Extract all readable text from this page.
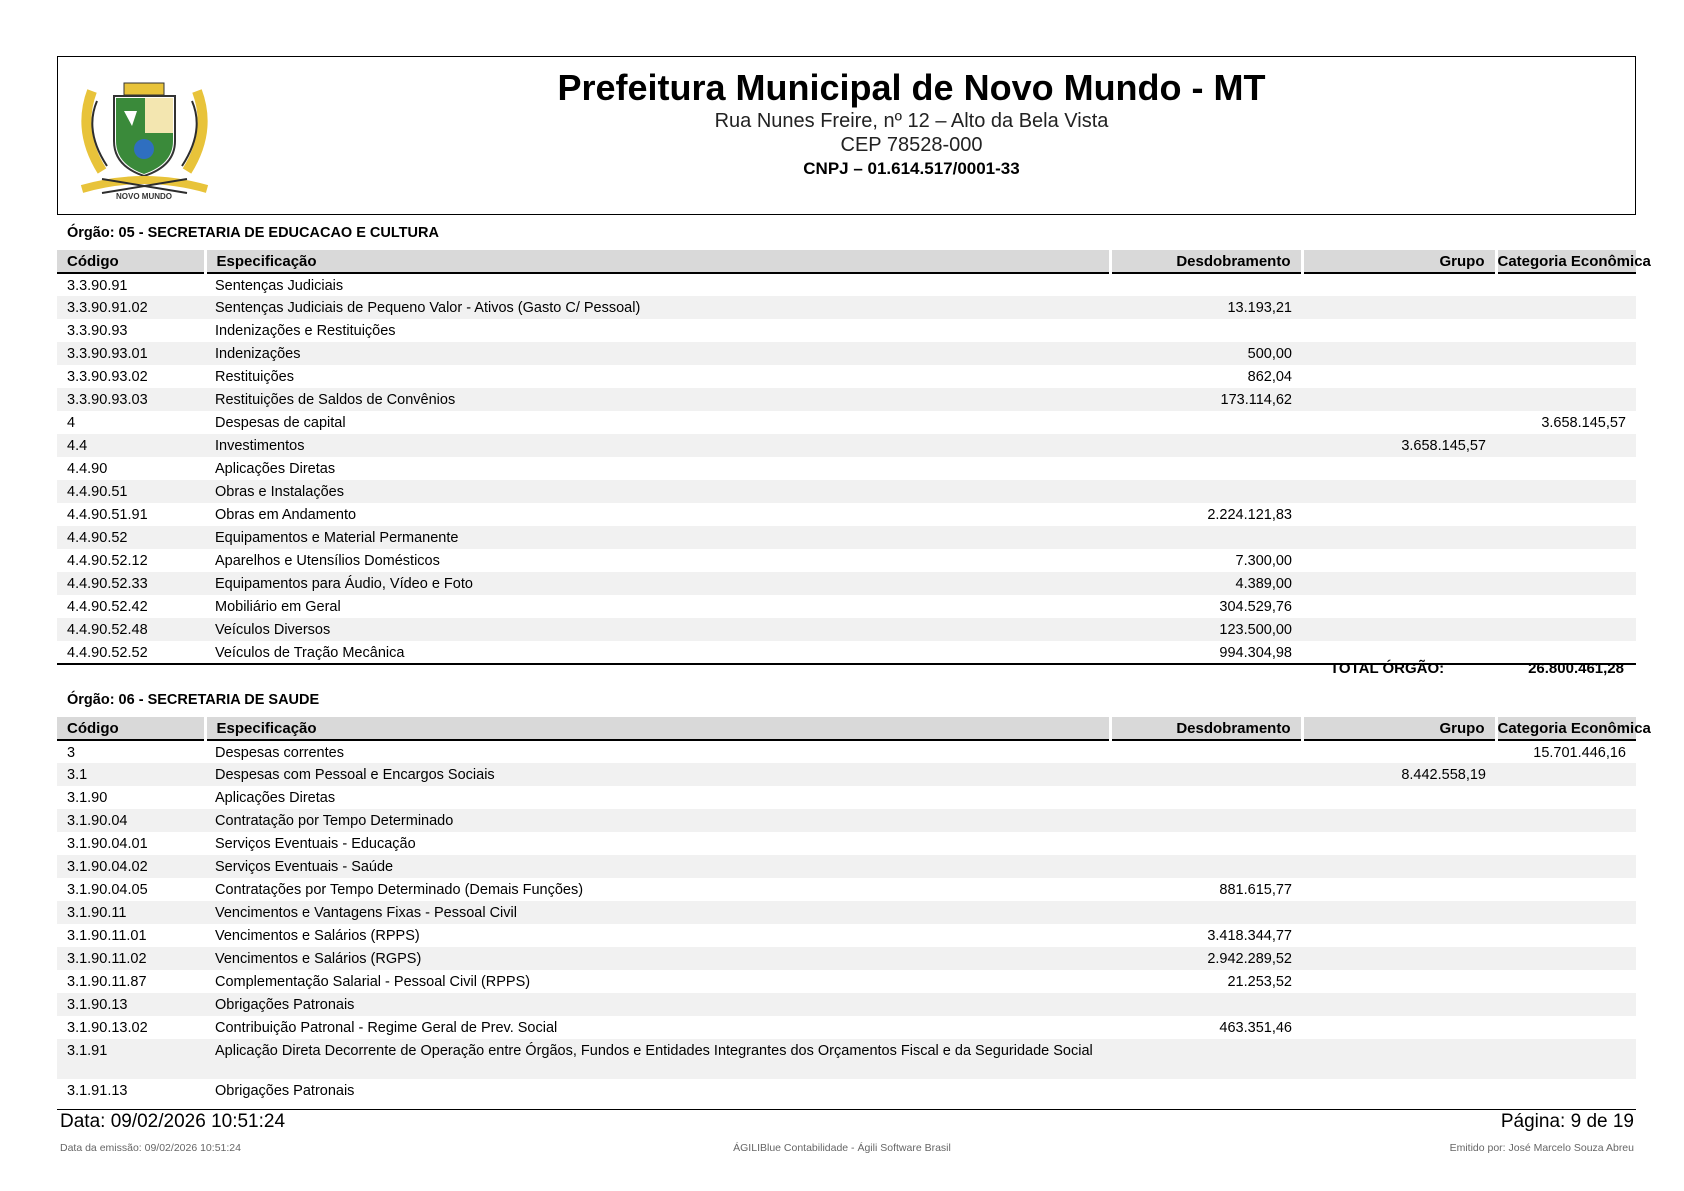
NOVO MUNDO
Prefeitura Municipal de Novo Mundo - MT
Rua Nunes Freire, nº 12 – Alto da Bela Vista
CEP 78528-000
CNPJ – 01.614.517/0001-33
Órgão: 05 - SECRETARIA DE EDUCACAO E CULTURA
Código	Especificação	Desdobramento	Grupo	Categoria Econômica
3.3.90.91	Sentenças Judiciais			
3.3.90.91.02	Sentenças Judiciais de Pequeno Valor - Ativos (Gasto C/ Pessoal)	13.193,21		
3.3.90.93	Indenizações e Restituições			
3.3.90.93.01	Indenizações	500,00		
3.3.90.93.02	Restituições	862,04		
3.3.90.93.03	Restituições de Saldos de Convênios	173.114,62		
4	Despesas de capital			3.658.145,57
4.4	Investimentos		3.658.145,57	
4.4.90	Aplicações Diretas			
4.4.90.51	Obras e Instalações			
4.4.90.51.91	Obras em Andamento	2.224.121,83		
4.4.90.52	Equipamentos e Material Permanente			
4.4.90.52.12	Aparelhos e Utensílios Domésticos	7.300,00		
4.4.90.52.33	Equipamentos para Áudio, Vídeo e Foto	4.389,00		
4.4.90.52.42	Mobiliário em Geral	304.529,76		
4.4.90.52.48	Veículos Diversos	123.500,00		
4.4.90.52.52	Veículos de Tração Mecânica	994.304,98		
TOTAL ÓRGÃO:	26.800.461,28
Órgão: 06 - SECRETARIA DE SAUDE
Código	Especificação	Desdobramento	Grupo	Categoria Econômica
3	Despesas correntes			15.701.446,16
3.1	Despesas com Pessoal e Encargos Sociais		8.442.558,19	
3.1.90	Aplicações Diretas			
3.1.90.04	Contratação por Tempo Determinado			
3.1.90.04.01	Serviços Eventuais - Educação			
3.1.90.04.02	Serviços Eventuais - Saúde			
3.1.90.04.05	Contratações por Tempo Determinado (Demais Funções)	881.615,77		
3.1.90.11	Vencimentos e Vantagens Fixas - Pessoal Civil			
3.1.90.11.01	Vencimentos e Salários (RPPS)	3.418.344,77		
3.1.90.11.02	Vencimentos e Salários (RGPS)	2.942.289,52		
3.1.90.11.87	Complementação Salarial - Pessoal Civil (RPPS)	21.253,52		
3.1.90.13	Obrigações Patronais			
3.1.90.13.02	Contribuição Patronal - Regime Geral de Prev. Social	463.351,46		
3.1.91	Aplicação Direta Decorrente de Operação entre Órgãos, Fundos e Entidades Integrantes dos Orçamentos Fiscal e da Seguridade Social			
3.1.91.13	Obrigações Patronais			
Data: 09/02/2026 10:51:24	Página: 9 de 19
Data da emissão: 09/02/2026 10:51:24	ÁGILIBlue Contabilidade - Ágili Software Brasil	Emitido por: José Marcelo Souza Abreu
